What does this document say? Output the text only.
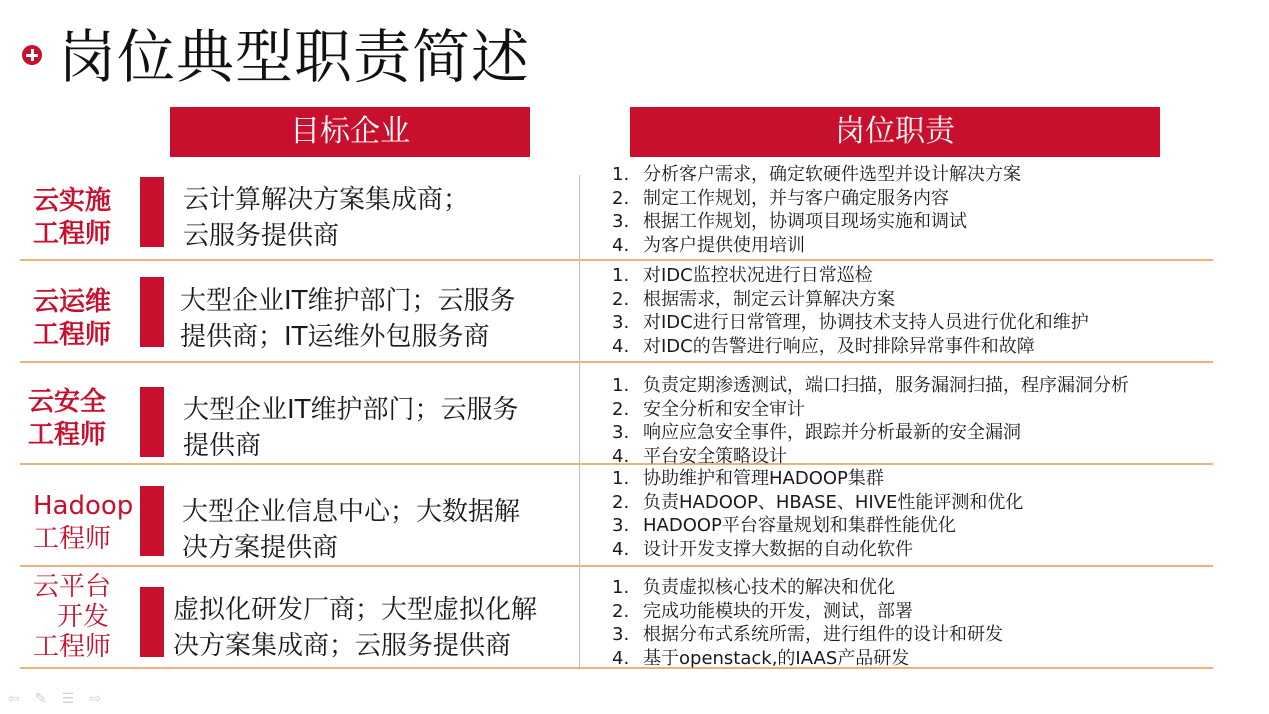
岗位典型职责简述
目标企业	岗位职责
云实施
工程师
云计算解决方案集成商；
云服务提供商
1. 分析客户需求，确定软硬件选型并设计解决方案
2. 制定工作规划，并与客户确定服务内容
3. 根据工作规划，协调项目现场实施和调试
4. 为客户提供使用培训
云运维
工程师
大型企业IT维护部门；云服务
提供商；IT运维外包服务商
1. 对IDC监控状况进行日常巡检
2. 根据需求，制定云计算解决方案
3. 对IDC进行日常管理，协调技术支持人员进行优化和维护
4. 对IDC的告警进行响应，及时排除异常事件和故障
云安全
工程师
大型企业IT维护部门；云服务
提供商
1. 负责定期渗透测试，端口扫描，服务漏洞扫描，程序漏洞分析
2. 安全分析和安全审计
3. 响应应急安全事件，跟踪并分析最新的安全漏洞
4. 平台安全策略设计
Hadoop
工程师
大型企业信息中心；大数据解
决方案提供商
1. 协助维护和管理HADOOP集群
2. 负责HADOOP、HBASE、HIVE性能评测和优化
3. HADOOP平台容量规划和集群性能优化
4. 设计开发支撑大数据的自动化软件
云平台
开发
工程师
虚拟化研发厂商；大型虚拟化解
决方案集成商；云服务提供商
1. 负责虚拟核心技术的解决和优化
2. 完成功能模块的开发，测试，部署
3. 根据分布式系统所需，进行组件的设计和研发
4. 基于openstack,的IAAS产品研发
⇦ ✎ ☰ ⇨
